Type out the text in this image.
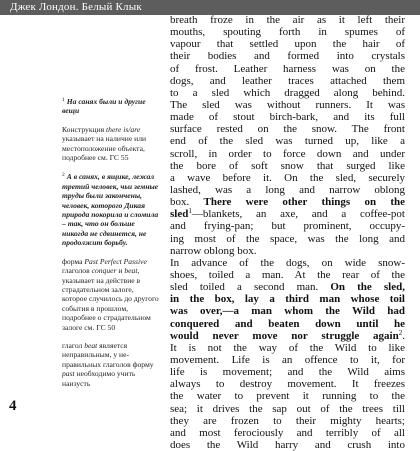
Джек Лондон. Белый Клык

$^1$ На санях были и другие вещи

Конструкция there is/are указывает на наличие или местоположение объекта, подробнее см. ГС 55

$^2$ А в санях, в ящике, лежал третий человек, чьи земные труды были закончены, человек, которого Дикая природа покорила и сломила – так, что он больше никогда не сдвинется, не продолжит борьбу.

форма Past Perfect Passive глаголов conquer и beat, указывает на действие в страдательном залоге, которое случилось до другого события в прошлом, подробнее о страдательном залоге см. ГС 50

глагол beat является неправильным, у неправильных глаголов форму past необходимо учить наизусть

breath froze in the air as it left their
mouths, spouting forth in spumes of
vapour that settled upon the hair of
their bodies and formed into crystals
of frost. Leather harness was on the
dogs, and leather traces attached them
to a sled which dragged along behind.
The sled was without runners. It was
made of stout birch-bark, and its full
surface rested on the snow. The front
end of the sled was turned up, like a
scroll, in order to force down and under
the bore of soft snow that surged like
a wave before it. On the sled, securely
lashed, was a long and narrow oblong
box. There were other things on the
sled$^1$—blankets, an axe, and a coffee-pot
and frying-pan; but prominent, occupy-
ing most of the space, was the long and
narrow oblong box.
In advance of the dogs, on wide snow-
shoes, toiled a man. At the rear of the
sled toiled a second man. On the sled,
in the box, lay a third man whose toil
was over,—a man whom the Wild had
conquered and beaten down until he
would never move nor struggle again$^2$.
It is not the way of the Wild to like
movement. Life is an offence to it, for
life is movement; and the Wild aims
always to destroy movement. It freezes
the water to prevent it running to the
sea; it drives the sap out of the trees till
they are frozen to their mighty hearts;
and most ferociously and terribly of all
does the Wild harry and crush into
4
